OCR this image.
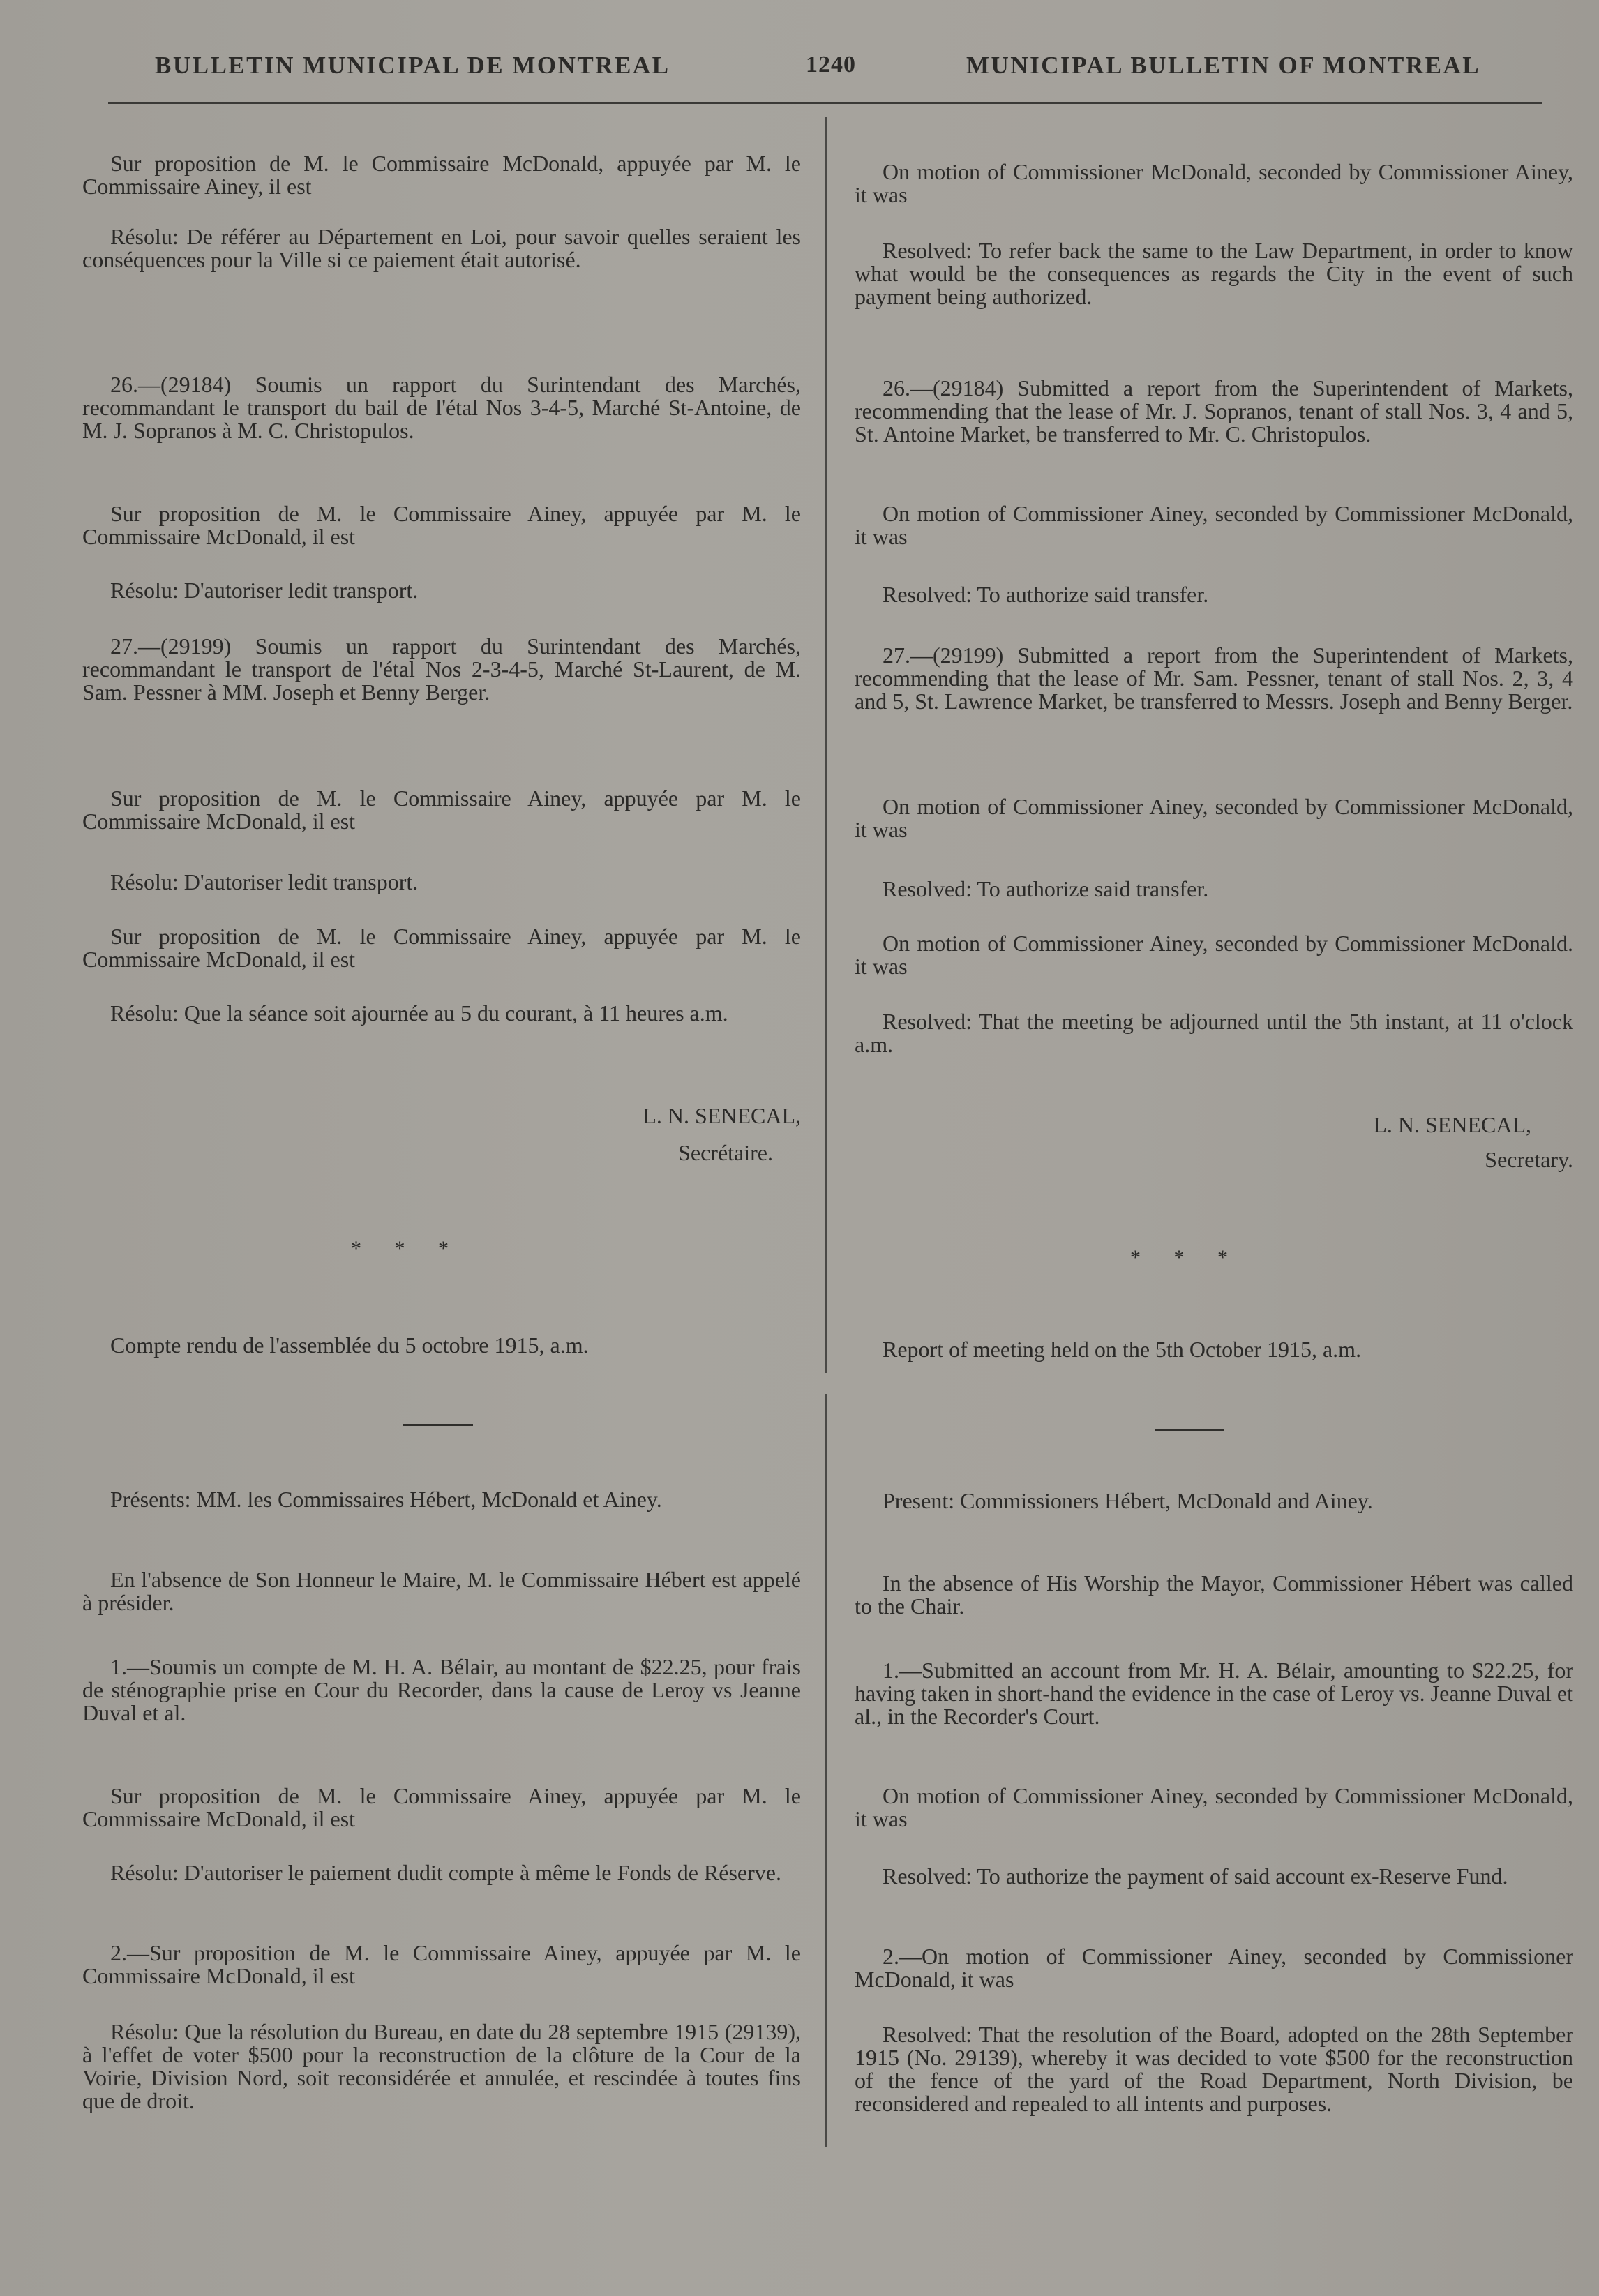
BULLETIN MUNICIPAL DE MONTREAL	1240	MUNICIPAL BULLETIN OF MONTREAL

Sur proposition de M. le Commissaire McDonald, appuyée par M. le Commissaire Ainey, il est

Résolu: De référer au Département en Loi, pour savoir quelles seraient les conséquences pour la Ville si ce paiement était autorisé.

26.—(29184) Soumis un rapport du Surintendant des Marchés, recommandant le transport du bail de l'étal Nos 3-4-5, Marché St-Antoine, de M. J. Sopranos à M. C. Christopulos.

Sur proposition de M. le Commissaire Ainey, appuyée par M. le Commissaire McDonald, il est

Résolu: D'autoriser ledit transport.

27.—(29199) Soumis un rapport du Surintendant des Marchés, recommandant le transport de l'étal Nos 2-3-4-5, Marché St-Laurent, de M. Sam. Pessner à MM. Joseph et Benny Berger.

Sur proposition de M. le Commissaire Ainey, appuyée par M. le Commissaire McDonald, il est

Résolu: D'autoriser ledit transport.

Sur proposition de M. le Commissaire Ainey, appuyée par M. le Commissaire McDonald, il est

Résolu: Que la séance soit ajournée au 5 du courant, à 11 heures a.m.

L. N. SENECAL,

Secrétaire.

* * *

Compte rendu de l'assemblée du 5 octobre 1915, a.m.

Présents: MM. les Commissaires Hébert, McDonald et Ainey.

En l'absence de Son Honneur le Maire, M. le Commissaire Hébert est appelé à présider.

1.—Soumis un compte de M. H. A. Bélair, au montant de $22.25, pour frais de sténographie prise en Cour du Recorder, dans la cause de Leroy vs Jeanne Duval et al.

Sur proposition de M. le Commissaire Ainey, appuyée par M. le Commissaire McDonald, il est

Résolu: D'autoriser le paiement dudit compte à même le Fonds de Réserve.

2.—Sur proposition de M. le Commissaire Ainey, appuyée par M. le Commissaire McDonald, il est

Résolu: Que la résolution du Bureau, en date du 28 septembre 1915 (29139), à l'effet de voter $500 pour la reconstruction de la clôture de la Cour de la Voirie, Division Nord, soit reconsidérée et annulée, et rescindée à toutes fins que de droit.

On motion of Commissioner McDonald, seconded by Commissioner Ainey, it was

Resolved: To refer back the same to the Law Department, in order to know what would be the consequences as regards the City in the event of such payment being authorized.

26.—(29184) Submitted a report from the Superintendent of Markets, recommending that the lease of Mr. J. Sopranos, tenant of stall Nos. 3, 4 and 5, St. Antoine Market, be transferred to Mr. C. Christopulos.

On motion of Commissioner Ainey, seconded by Commissioner McDonald, it was

Resolved: To authorize said transfer.

27.—(29199) Submitted a report from the Superintendent of Markets, recommending that the lease of Mr. Sam. Pessner, tenant of stall Nos. 2, 3, 4 and 5, St. Lawrence Market, be transferred to Messrs. Joseph and Benny Berger.

On motion of Commissioner Ainey, seconded by Commissioner McDonald, it was

Resolved: To authorize said transfer.

On motion of Commissioner Ainey, seconded by Commissioner McDonald. it was

Resolved: That the meeting be adjourned until the 5th instant, at 11 o'clock a.m.

L. N. SENECAL,

Secretary.

* * *

Report of meeting held on the 5th October 1915, a.m.

Present: Commissioners Hébert, McDonald and Ainey.

In the absence of His Worship the Mayor, Commissioner Hébert was called to the Chair.

1.—Submitted an account from Mr. H. A. Bélair, amounting to $22.25, for having taken in short-hand the evidence in the case of Leroy vs. Jeanne Duval et al., in the Recorder's Court.

On motion of Commissioner Ainey, seconded by Commissioner McDonald, it was

Resolved: To authorize the payment of said account ex-Reserve Fund.

2.—On motion of Commissioner Ainey, seconded by Commissioner McDonald, it was

Resolved: That the resolution of the Board, adopted on the 28th September 1915 (No. 29139), whereby it was decided to vote $500 for the reconstruction of the fence of the yard of the Road Department, North Division, be reconsidered and repealed to all intents and purposes.
